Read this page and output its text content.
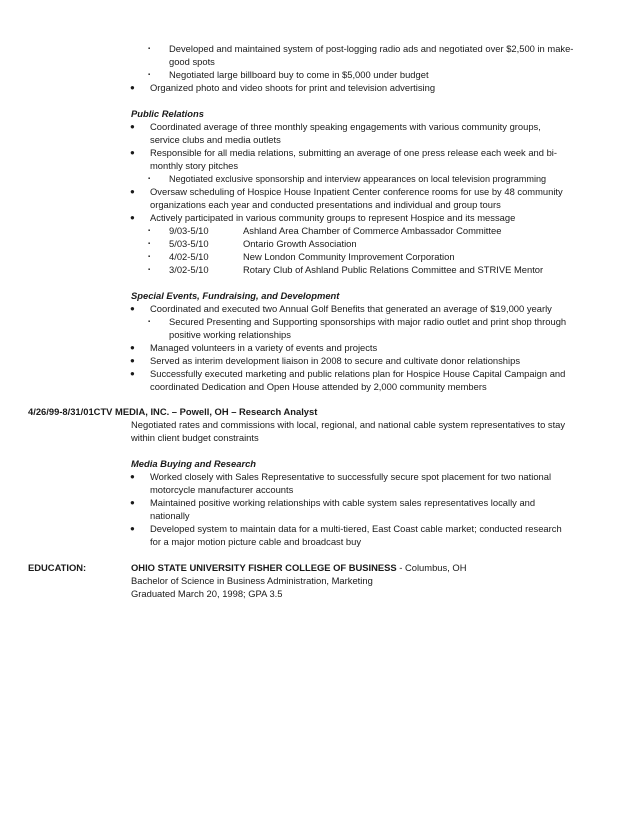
▪ Developed and maintained system of post-logging radio ads and negotiated over $2,500 in make-
good spots
▪ Negotiated large billboard buy to come in $5,000 under budget
● Organized photo and video shoots for print and television advertising
Public Relations
● Coordinated average of three monthly speaking engagements with various community groups,
service clubs and media outlets
● Responsible for all media relations, submitting an average of one press release each week and bi-
monthly story pitches
▪ Negotiated exclusive sponsorship and interview appearances on local television programming
● Oversaw scheduling of Hospice House Inpatient Center conference rooms for use by 48 community
organizations each year and conducted presentations and individual and group tours
● Actively participated in various community groups to represent Hospice and its message
▪ 9/03-5/10	Ashland Area Chamber of Commerce Ambassador Committee
▪ 5/03-5/10	Ontario Growth Association
▪ 4/02-5/10	New London Community Improvement Corporation
▪ 3/02-5/10	Rotary Club of Ashland Public Relations Committee and STRIVE Mentor
Special Events, Fundraising, and Development
● Coordinated and executed two Annual Golf Benefits that generated an average of $19,000 yearly
▪ Secured Presenting and Supporting sponsorships with major radio outlet and print shop through
positive working relationships
● Managed volunteers in a variety of events and projects
● Served as interim development liaison in 2008 to secure and cultivate donor relationships
● Successfully executed marketing and public relations plan for Hospice House Capital Campaign and
coordinated Dedication and Open House attended by 2,000 community members
4/26/99-8/31/01CTV MEDIA, INC. – Powell, OH – Research Analyst
Negotiated rates and commissions with local, regional, and national cable system representatives to stay
within client budget constraints
Media Buying and Research
● Worked closely with Sales Representative to successfully secure spot placement for two national
motorcycle manufacturer accounts
● Maintained positive working relationships with cable system sales representatives locally and
nationally
● Developed system to maintain data for a multi-tiered, East Coast cable market; conducted research
for a major motion picture cable and broadcast buy
EDUCATION:	OHIO STATE UNIVERSITY FISHER COLLEGE OF BUSINESS - Columbus, OH
Bachelor of Science in Business Administration, Marketing
Graduated March 20, 1998; GPA 3.5
